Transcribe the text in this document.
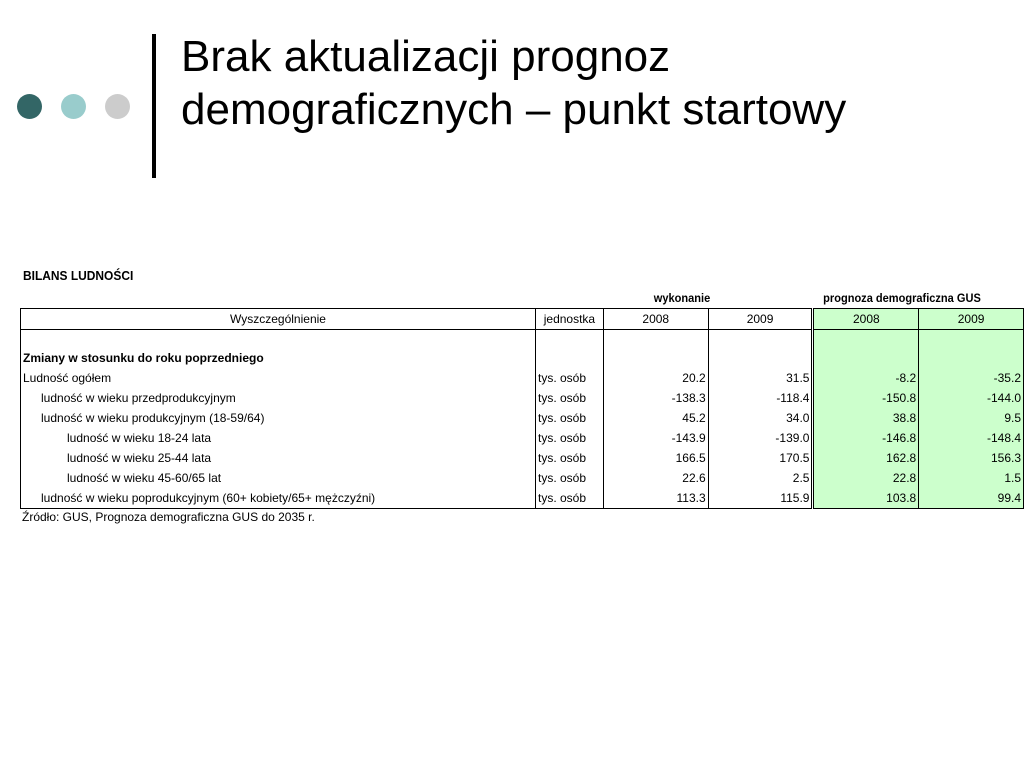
Brak aktualizacji prognoz demograficznych – punkt startowy
BILANS LUDNOŚCI
wykonanie	prognoza demograficzna GUS
Wyszczególnienie	jednostka	2008	2009	2008	2009

Zmiany w stosunku do roku poprzedniego					
Ludność ogółem	tys. osób	20.2	31.5	-8.2	-35.2
ludność w wieku przedprodukcyjnym	tys. osób	-138.3	-118.4	-150.8	-144.0
ludność w wieku produkcyjnym (18-59/64)	tys. osób	45.2	34.0	38.8	9.5
ludność w wieku 18-24 lata	tys. osób	-143.9	-139.0	-146.8	-148.4
ludność w wieku 25-44 lata	tys. osób	166.5	170.5	162.8	156.3
ludność w wieku 45-60/65 lat	tys. osób	22.6	2.5	22.8	1.5
ludność w wieku poprodukcyjnym (60+ kobiety/65+ mężczyźni)	tys. osób	113.3	115.9	103.8	99.4
Źródło: GUS, Prognoza demograficzna GUS do 2035 r.
